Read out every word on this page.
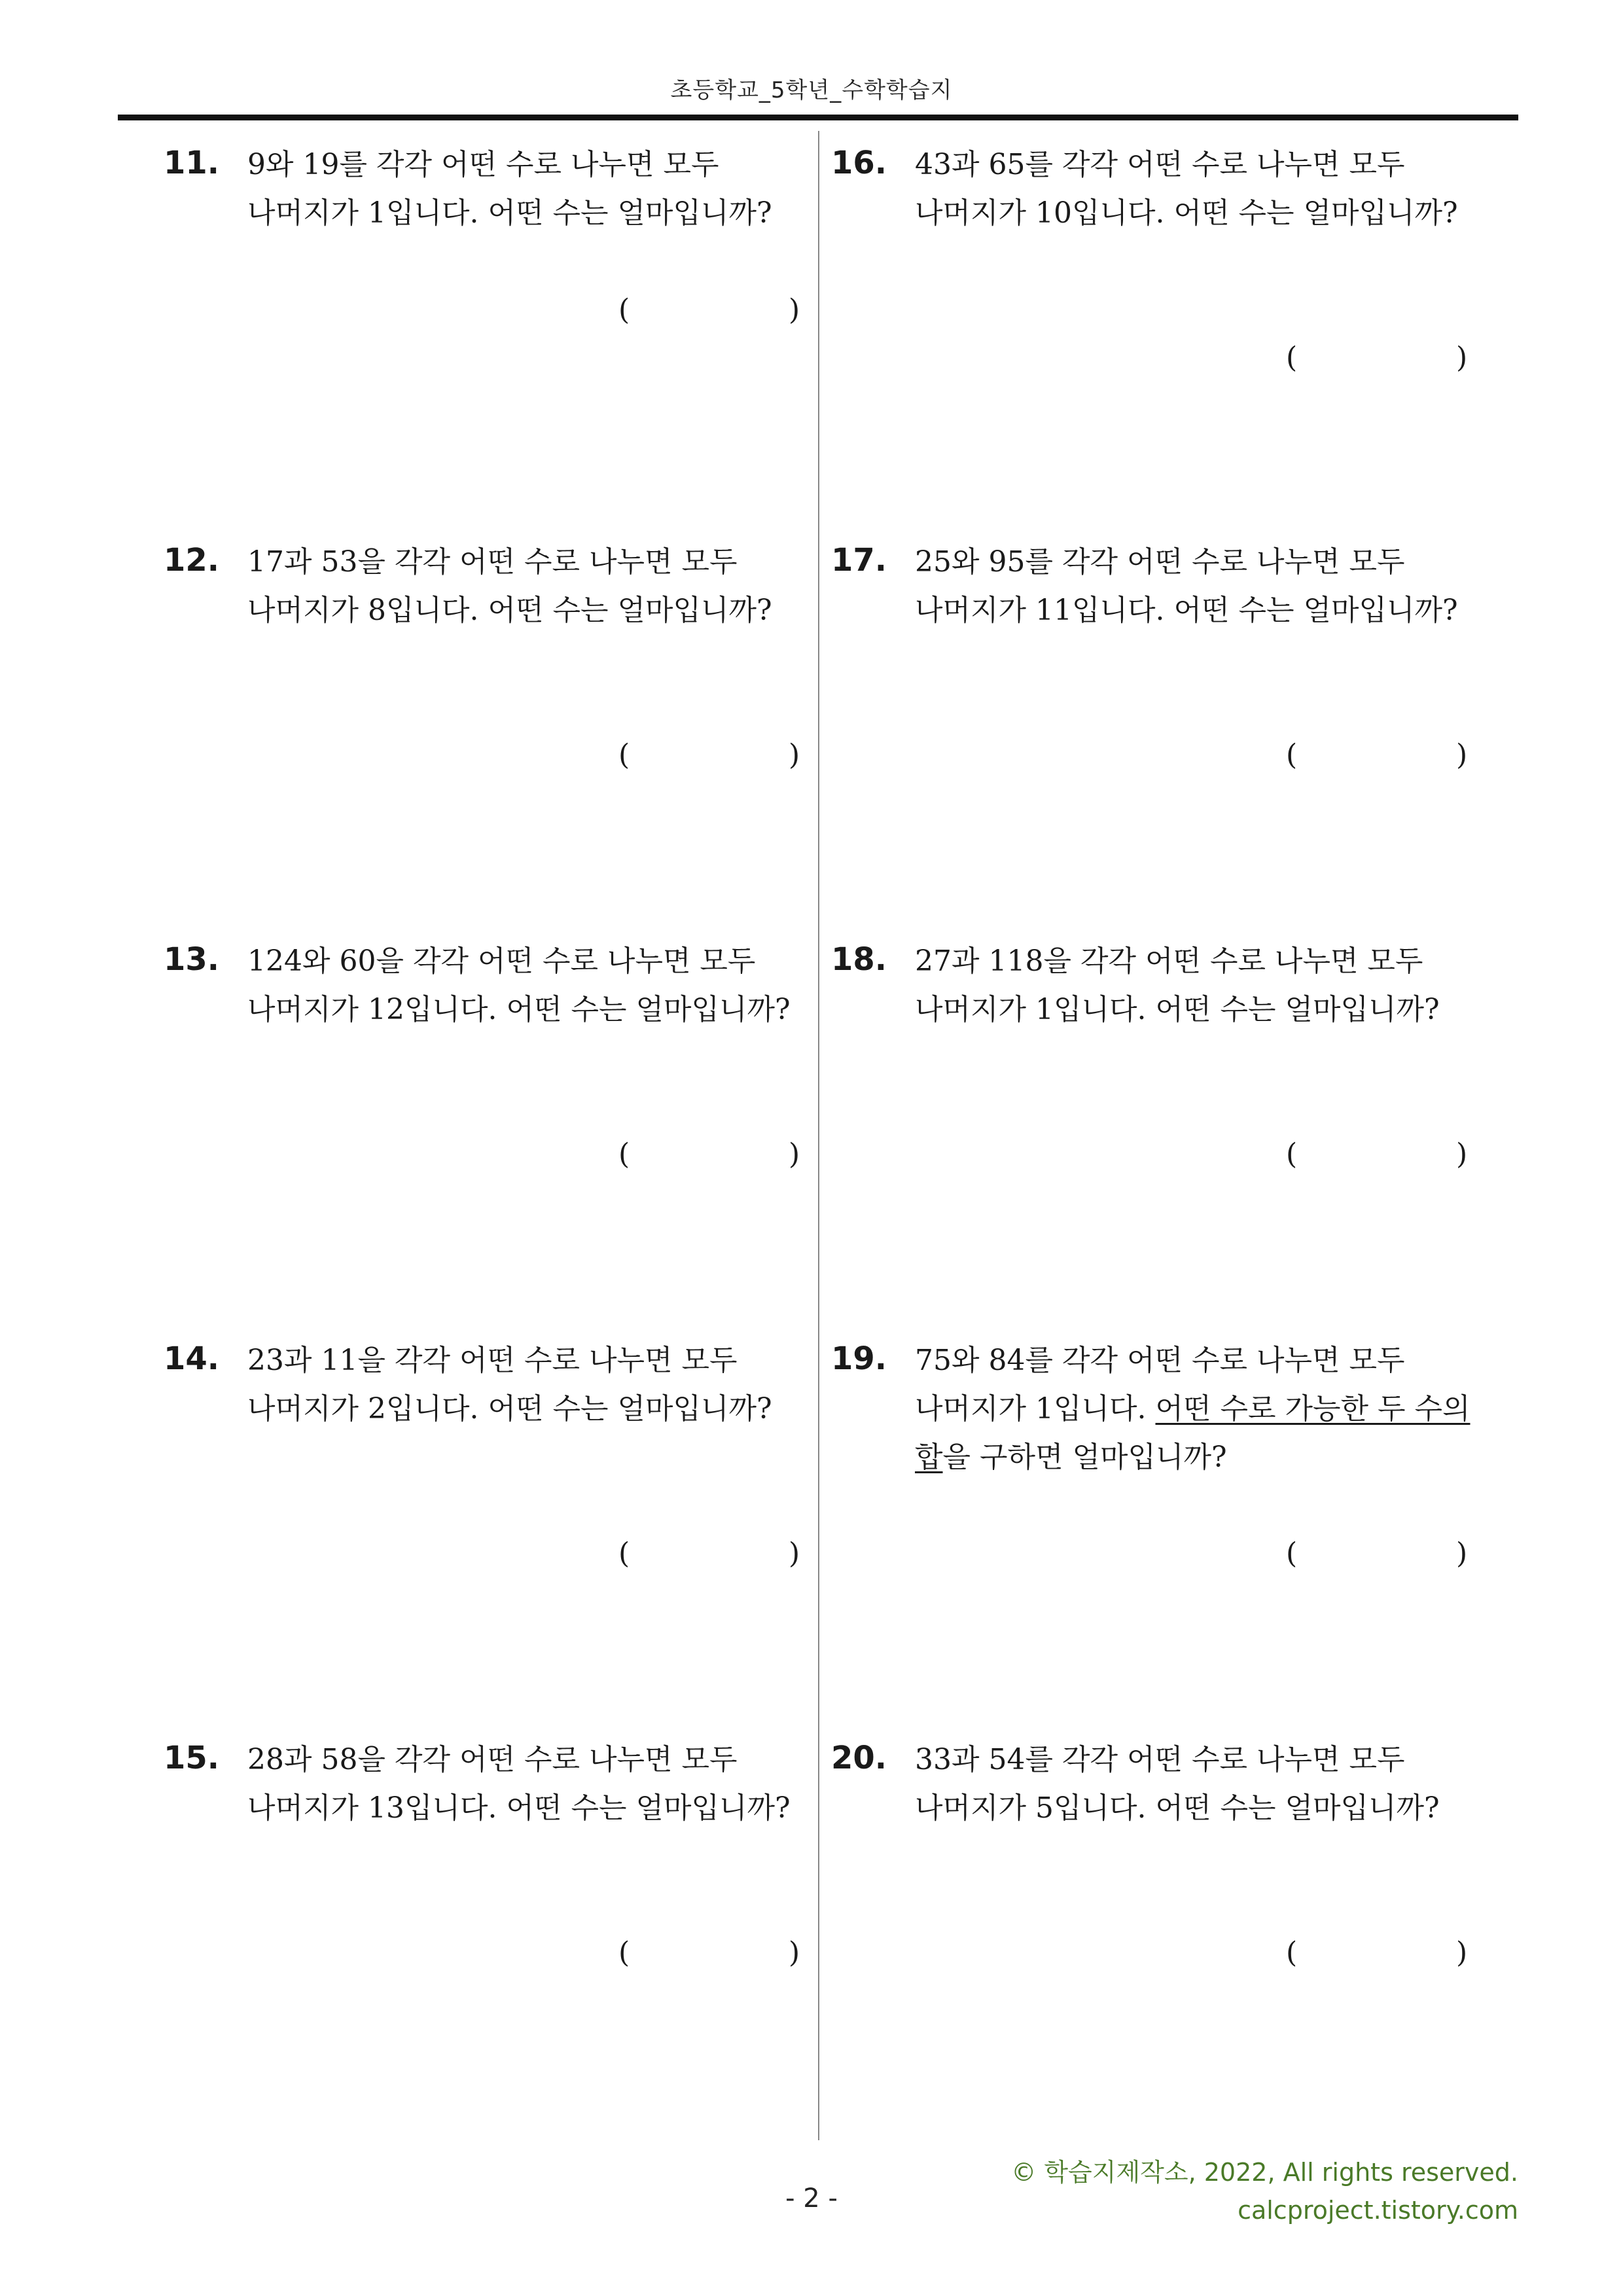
초등학교_5학년_수학학습지
11. 9와 19를 각각 어떤 수로 나누면 모두 나머지가 1입니다. 어떤 수는 얼마입니까?
(	)
12. 17과 53을 각각 어떤 수로 나누면 모두 나머지가 8입니다. 어떤 수는 얼마입니까?
(	)
13. 124와 60을 각각 어떤 수로 나누면 모두 나머지가 12입니다. 어떤 수는 얼마입니까?
(	)
14. 23과 11을 각각 어떤 수로 나누면 모두 나머지가 2입니다. 어떤 수는 얼마입니까?
(	)
15. 28과 58을 각각 어떤 수로 나누면 모두 나머지가 13입니다. 어떤 수는 얼마입니까?
(	)
16. 43과 65를 각각 어떤 수로 나누면 모두 나머지가 10입니다. 어떤 수는 얼마입니까?
(	)
17. 25와 95를 각각 어떤 수로 나누면 모두 나머지가 11입니다. 어떤 수는 얼마입니까?
(	)
18. 27과 118을 각각 어떤 수로 나누면 모두 나머지가 1입니다. 어떤 수는 얼마입니까?
(	)
19. 75와 84를 각각 어떤 수로 나누면 모두 나머지가 1입니다. 어떤 수로 가능한 두 수의 합을 구하면 얼마입니까?
(	)
20. 33과 54를 각각 어떤 수로 나누면 모두 나머지가 5입니다. 어떤 수는 얼마입니까?
(	)
© 학습지제작소, 2022, All rights reserved.
calcproject.tistory.com
- 2 -
